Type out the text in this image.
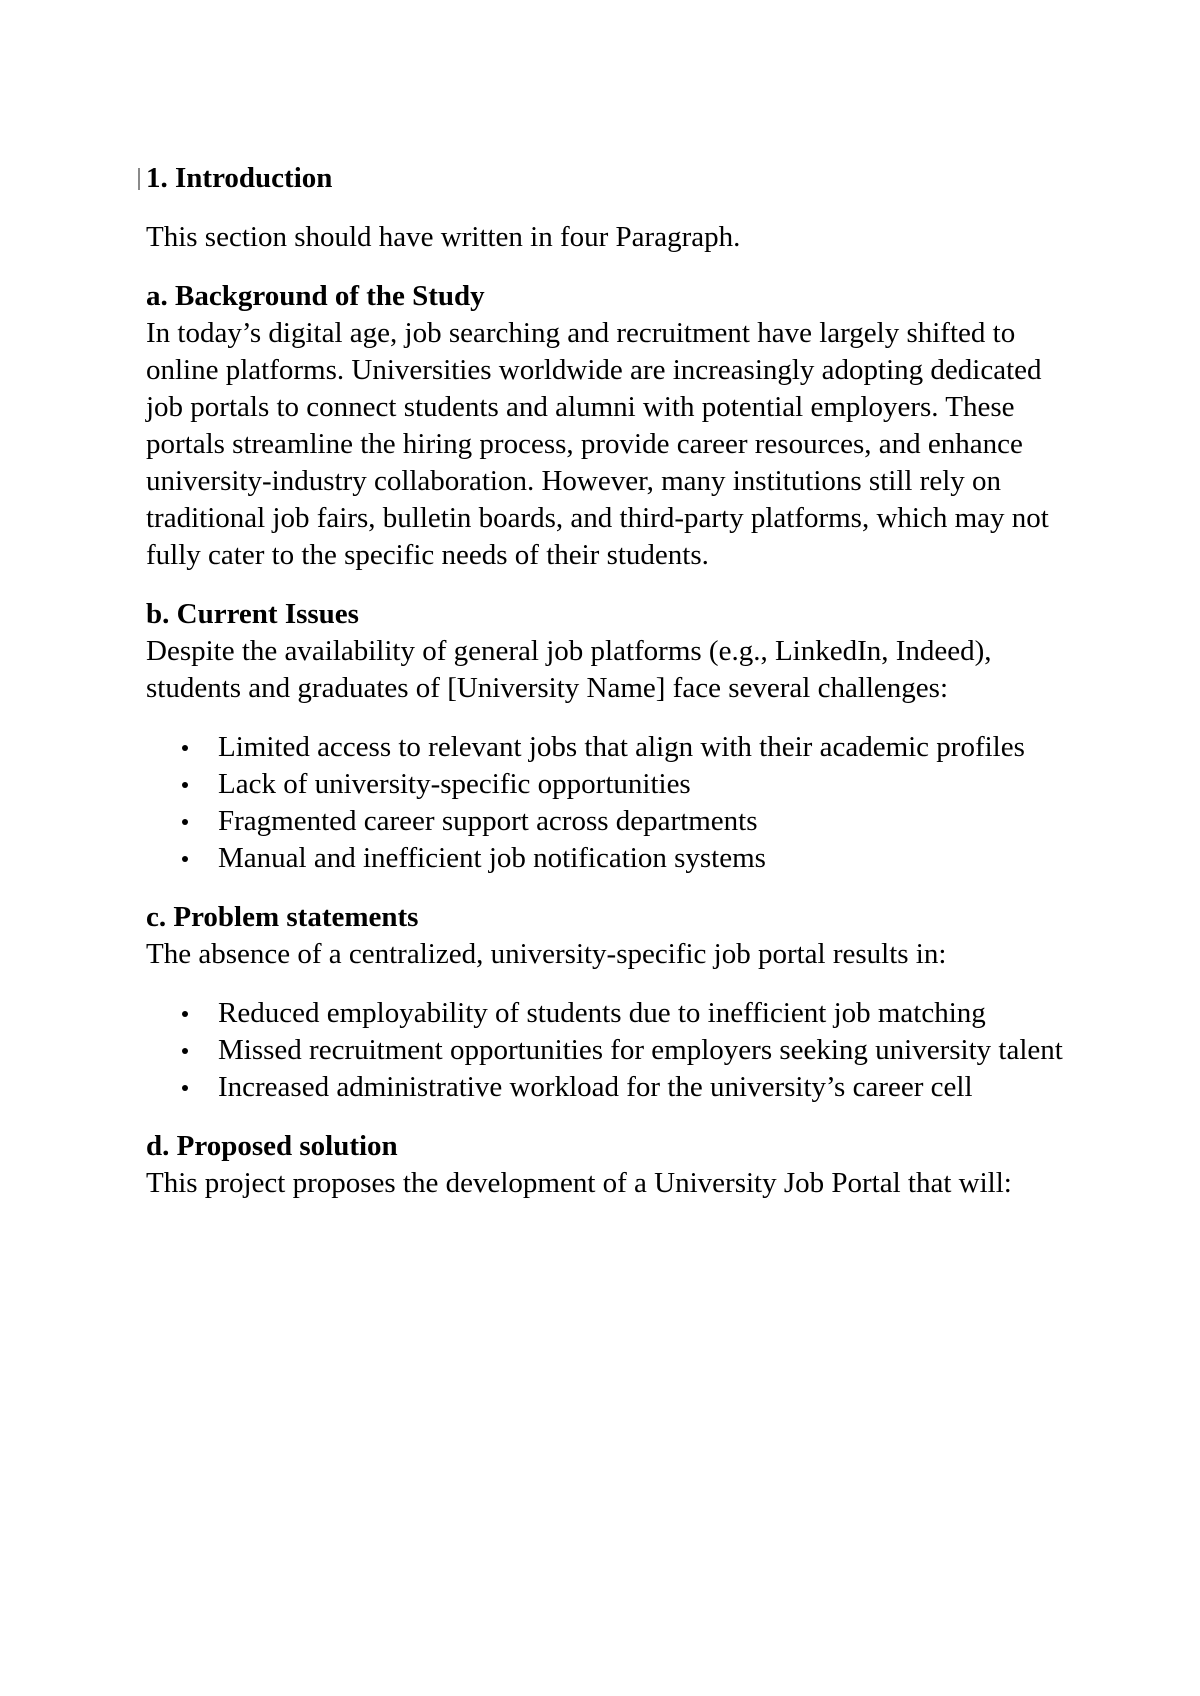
1. Introduction

This section should have written in four Paragraph.

a. Background of the Study

In today’s digital age, job searching and recruitment have largely shifted to online platforms. Universities worldwide are increasingly adopting dedicated job portals to connect students and alumni with potential employers. These portals streamline the hiring process, provide career resources, and enhance university-industry collaboration. However, many institutions still rely on traditional job fairs, bulletin boards, and third-party platforms, which may not fully cater to the specific needs of their students.

b. Current Issues

Despite the availability of general job platforms (e.g., LinkedIn, Indeed), students and graduates of [University Name] face several challenges:

Limited access to relevant jobs that align with their academic profiles
Lack of university-specific opportunities
Fragmented career support across departments
Manual and inefficient job notification systems

c. Problem statements

The absence of a centralized, university-specific job portal results in:

Reduced employability of students due to inefficient job matching
Missed recruitment opportunities for employers seeking university talent
Increased administrative workload for the university’s career cell

d. Proposed solution

This project proposes the development of a University Job Portal that will:
